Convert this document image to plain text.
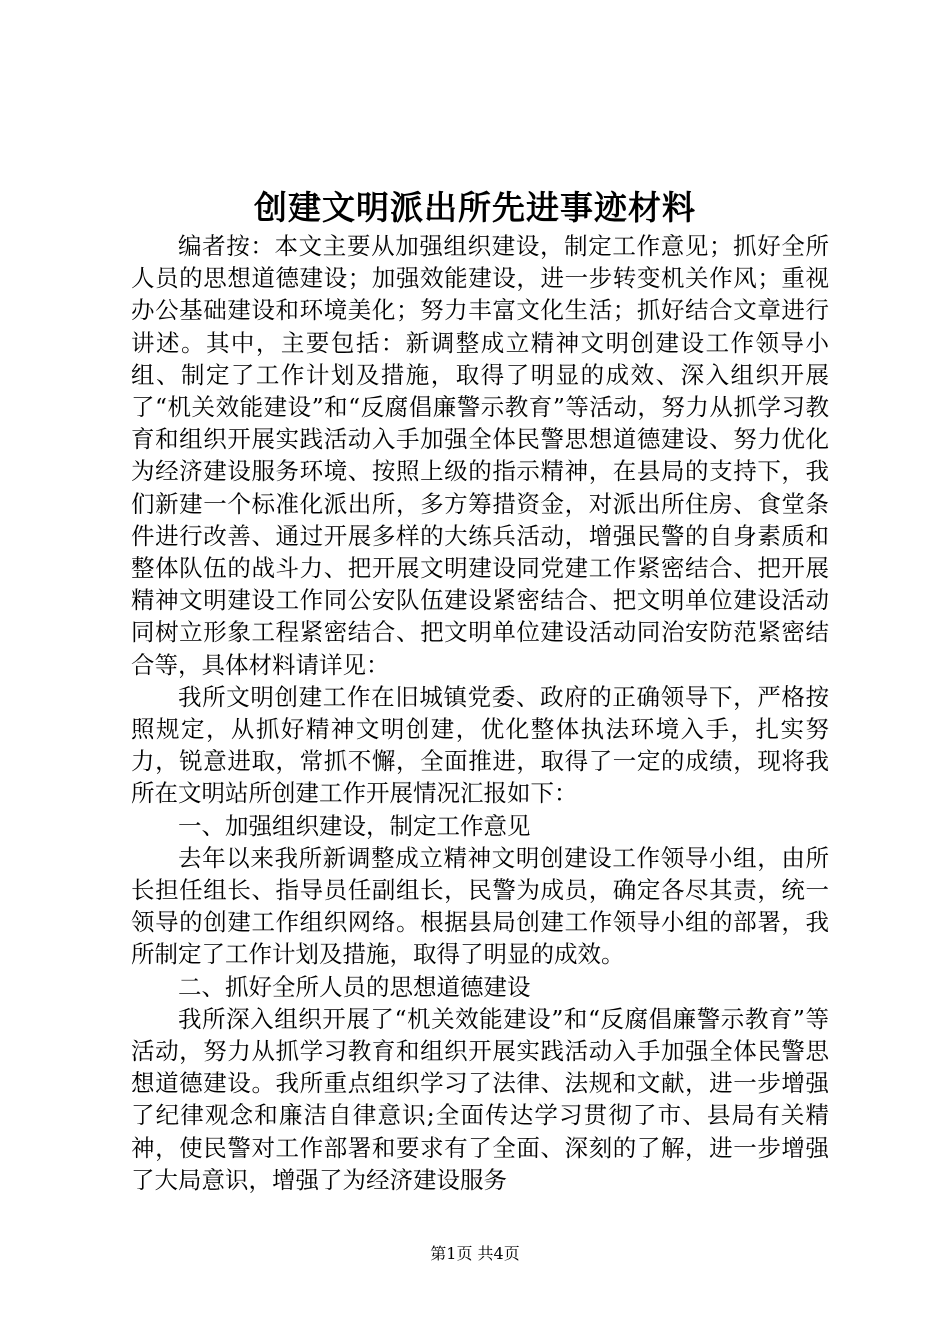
创建文明派出所先进事迹材料

编者按：本文主要从加强组织建设，制定工作意见；抓好全所人员的思想道德建设；加强效能建设，进一步转变机关作风；重视办公基础建设和环境美化；努力丰富文化生活；抓好结合文章进行讲述。其中，主要包括：新调整成立精神文明创建设工作领导小组、制定了工作计划及措施，取得了明显的成效、深入组织开展了“机关效能建设”和“反腐倡廉警示教育”等活动，努力从抓学习教育和组织开展实践活动入手加强全体民警思想道德建设、努力优化为经济建设服务环境、按照上级的指示精神，在县局的支持下，我们新建一个标准化派出所，多方筹措资金，对派出所住房、食堂条件进行改善、通过开展多样的大练兵活动，增强民警的自身素质和整体队伍的战斗力、把开展文明建设同党建工作紧密结合、把开展精神文明建设工作同公安队伍建设紧密结合、把文明单位建设活动同树立形象工程紧密结合、把文明单位建设活动同治安防范紧密结合等，具体材料请详见：

我所文明创建工作在旧城镇党委、政府的正确领导下，严格按照规定，从抓好精神文明创建，优化整体执法环境入手，扎实努力，锐意进取，常抓不懈，全面推进，取得了一定的成绩，现将我所在文明站所创建工作开展情况汇报如下：

一、加强组织建设，制定工作意见

去年以来我所新调整成立精神文明创建设工作领导小组，由所长担任组长、指导员任副组长，民警为成员，确定各尽其责，统一领导的创建工作组织网络。根据县局创建工作领导小组的部署，我所制定了工作计划及措施，取得了明显的成效。

二、抓好全所人员的思想道德建设

我所深入组织开展了“机关效能建设”和“反腐倡廉警示教育”等活动，努力从抓学习教育和组织开展实践活动入手加强全体民警思想道德建设。我所重点组织学习了法律、法规和文献，进一步增强了纪律观念和廉洁自律意识;全面传达学习贯彻了市、县局有关精神，使民警对工作部署和要求有了全面、深刻的了解，进一步增强了大局意识，增强了为经济建设服务

第1页 共4页
